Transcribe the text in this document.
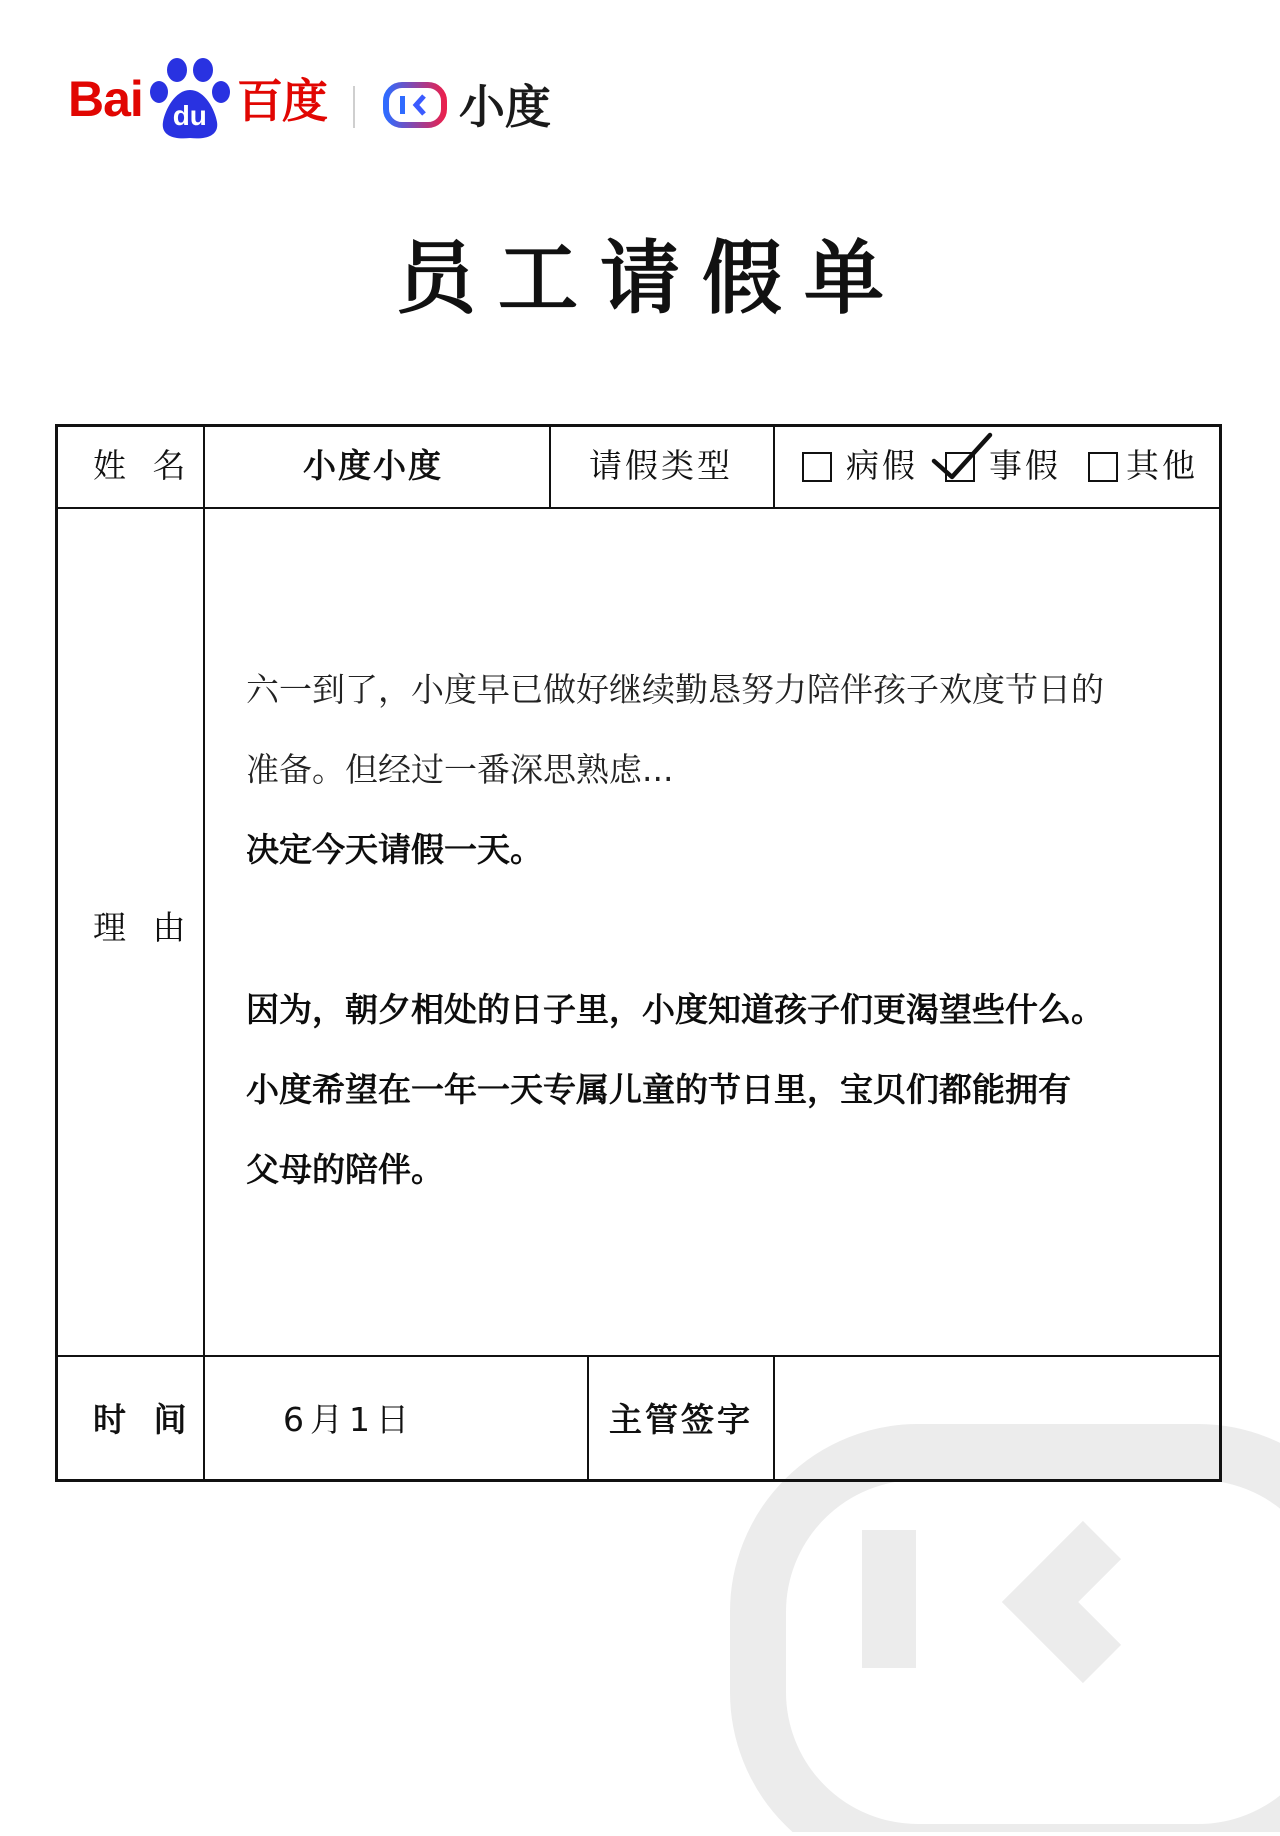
Bai du 百度	小度
员工请假单
姓 名	小度小度	请假类型	病假 事假 其他
理 由
六一到了，小度早已做好继续勤恳努力陪伴孩子欢度节日的
准备。但经过一番深思熟虑...
决定今天请假一天。
因为，朝夕相处的日子里，小度知道孩子们更渴望些什么。
小度希望在一年一天专属儿童的节日里，宝贝们都能拥有
父母的陪伴。
时 间	6月1日	主管签字
